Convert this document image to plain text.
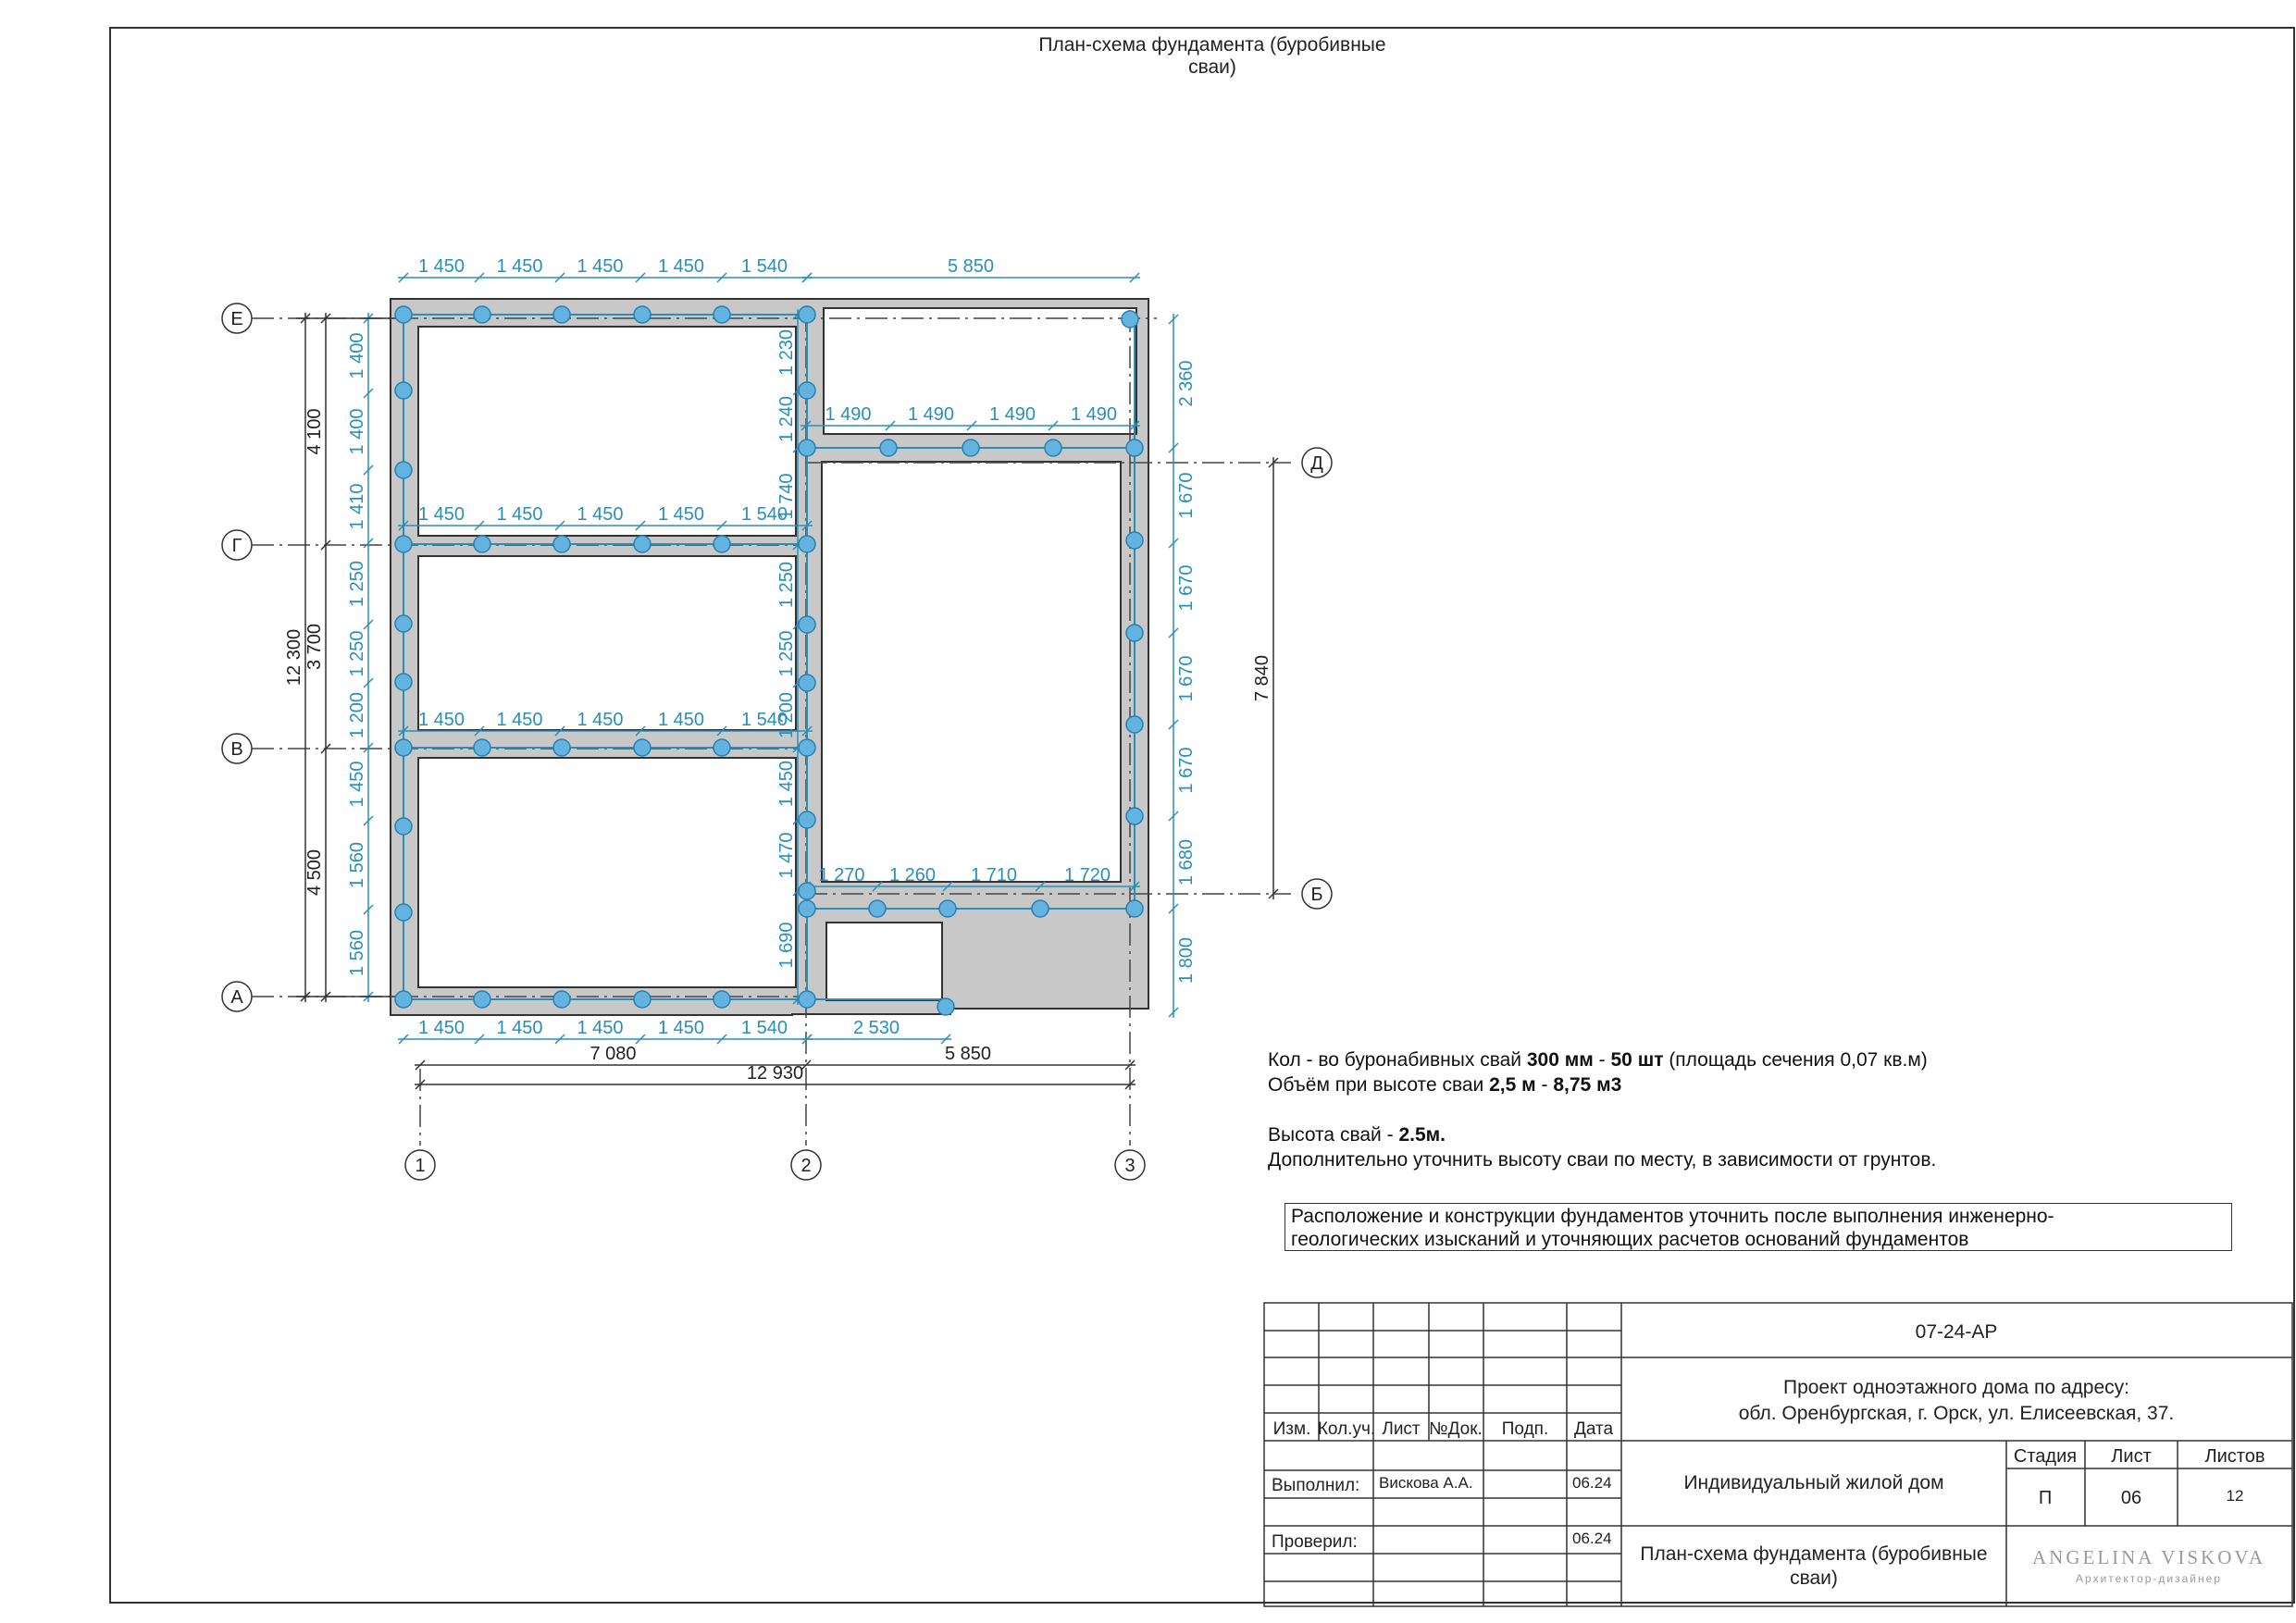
1 450 1 450 1 450 1 450 1 540	5 850
1 490 1 490 1 490 1 490
1 450 1 450 1 450 1 450 1 540
1 450 1 450 1 450 1 450 1 540
1 270 1 260 1 710	1 720
1 450 1 450 1 450 1 450 1 540	2 530
1 400
1 400
1 410
1 250
1 250
1 200
1 450
1 560
1 560
1 230
1 240
1 740
1 250
1 250
1 200
1 450
1 470
1 690
2 360
1 670
1 670
1 670
1 670
1 680
1 800
7 080	5 850
12 930
4 100
3 700
4 500
12 300	7 840
Е
Г
В
А
Д
Б
1	2	3
07-24-АР
Проект одноэтажного дома по адресу:
обл. Оренбургская, г. Орск, ул. Елисеевская, 37.
Изм. Кол.уч. Лист №Док. Подп. Дата
Выполнил: Вискова А.А.	06.24
Проверил:	06.24
Индивидуальный жилой дом
План-схема фундамента (буробивные
сваи)
Стадия Лист	Листов
П	06	12
ANGELINA VISKOVA
Архитектор-дизайнер
План-схема фундамента (буробивные
сваи)

Кол - во буронабивных свай 300 мм - 50 шт (площадь сечения 0,07 кв.м)

Объём при высоте сваи 2,5 м - 8,75 м3

Высота свай - 2.5м.

Дополнительно уточнить высоту сваи по месту, в зависимости от грунтов.

Расположение и конструкции фундаментов уточнить после выполнения инженерно-
геологических изысканий и уточняющих расчетов оснований фундаментов
